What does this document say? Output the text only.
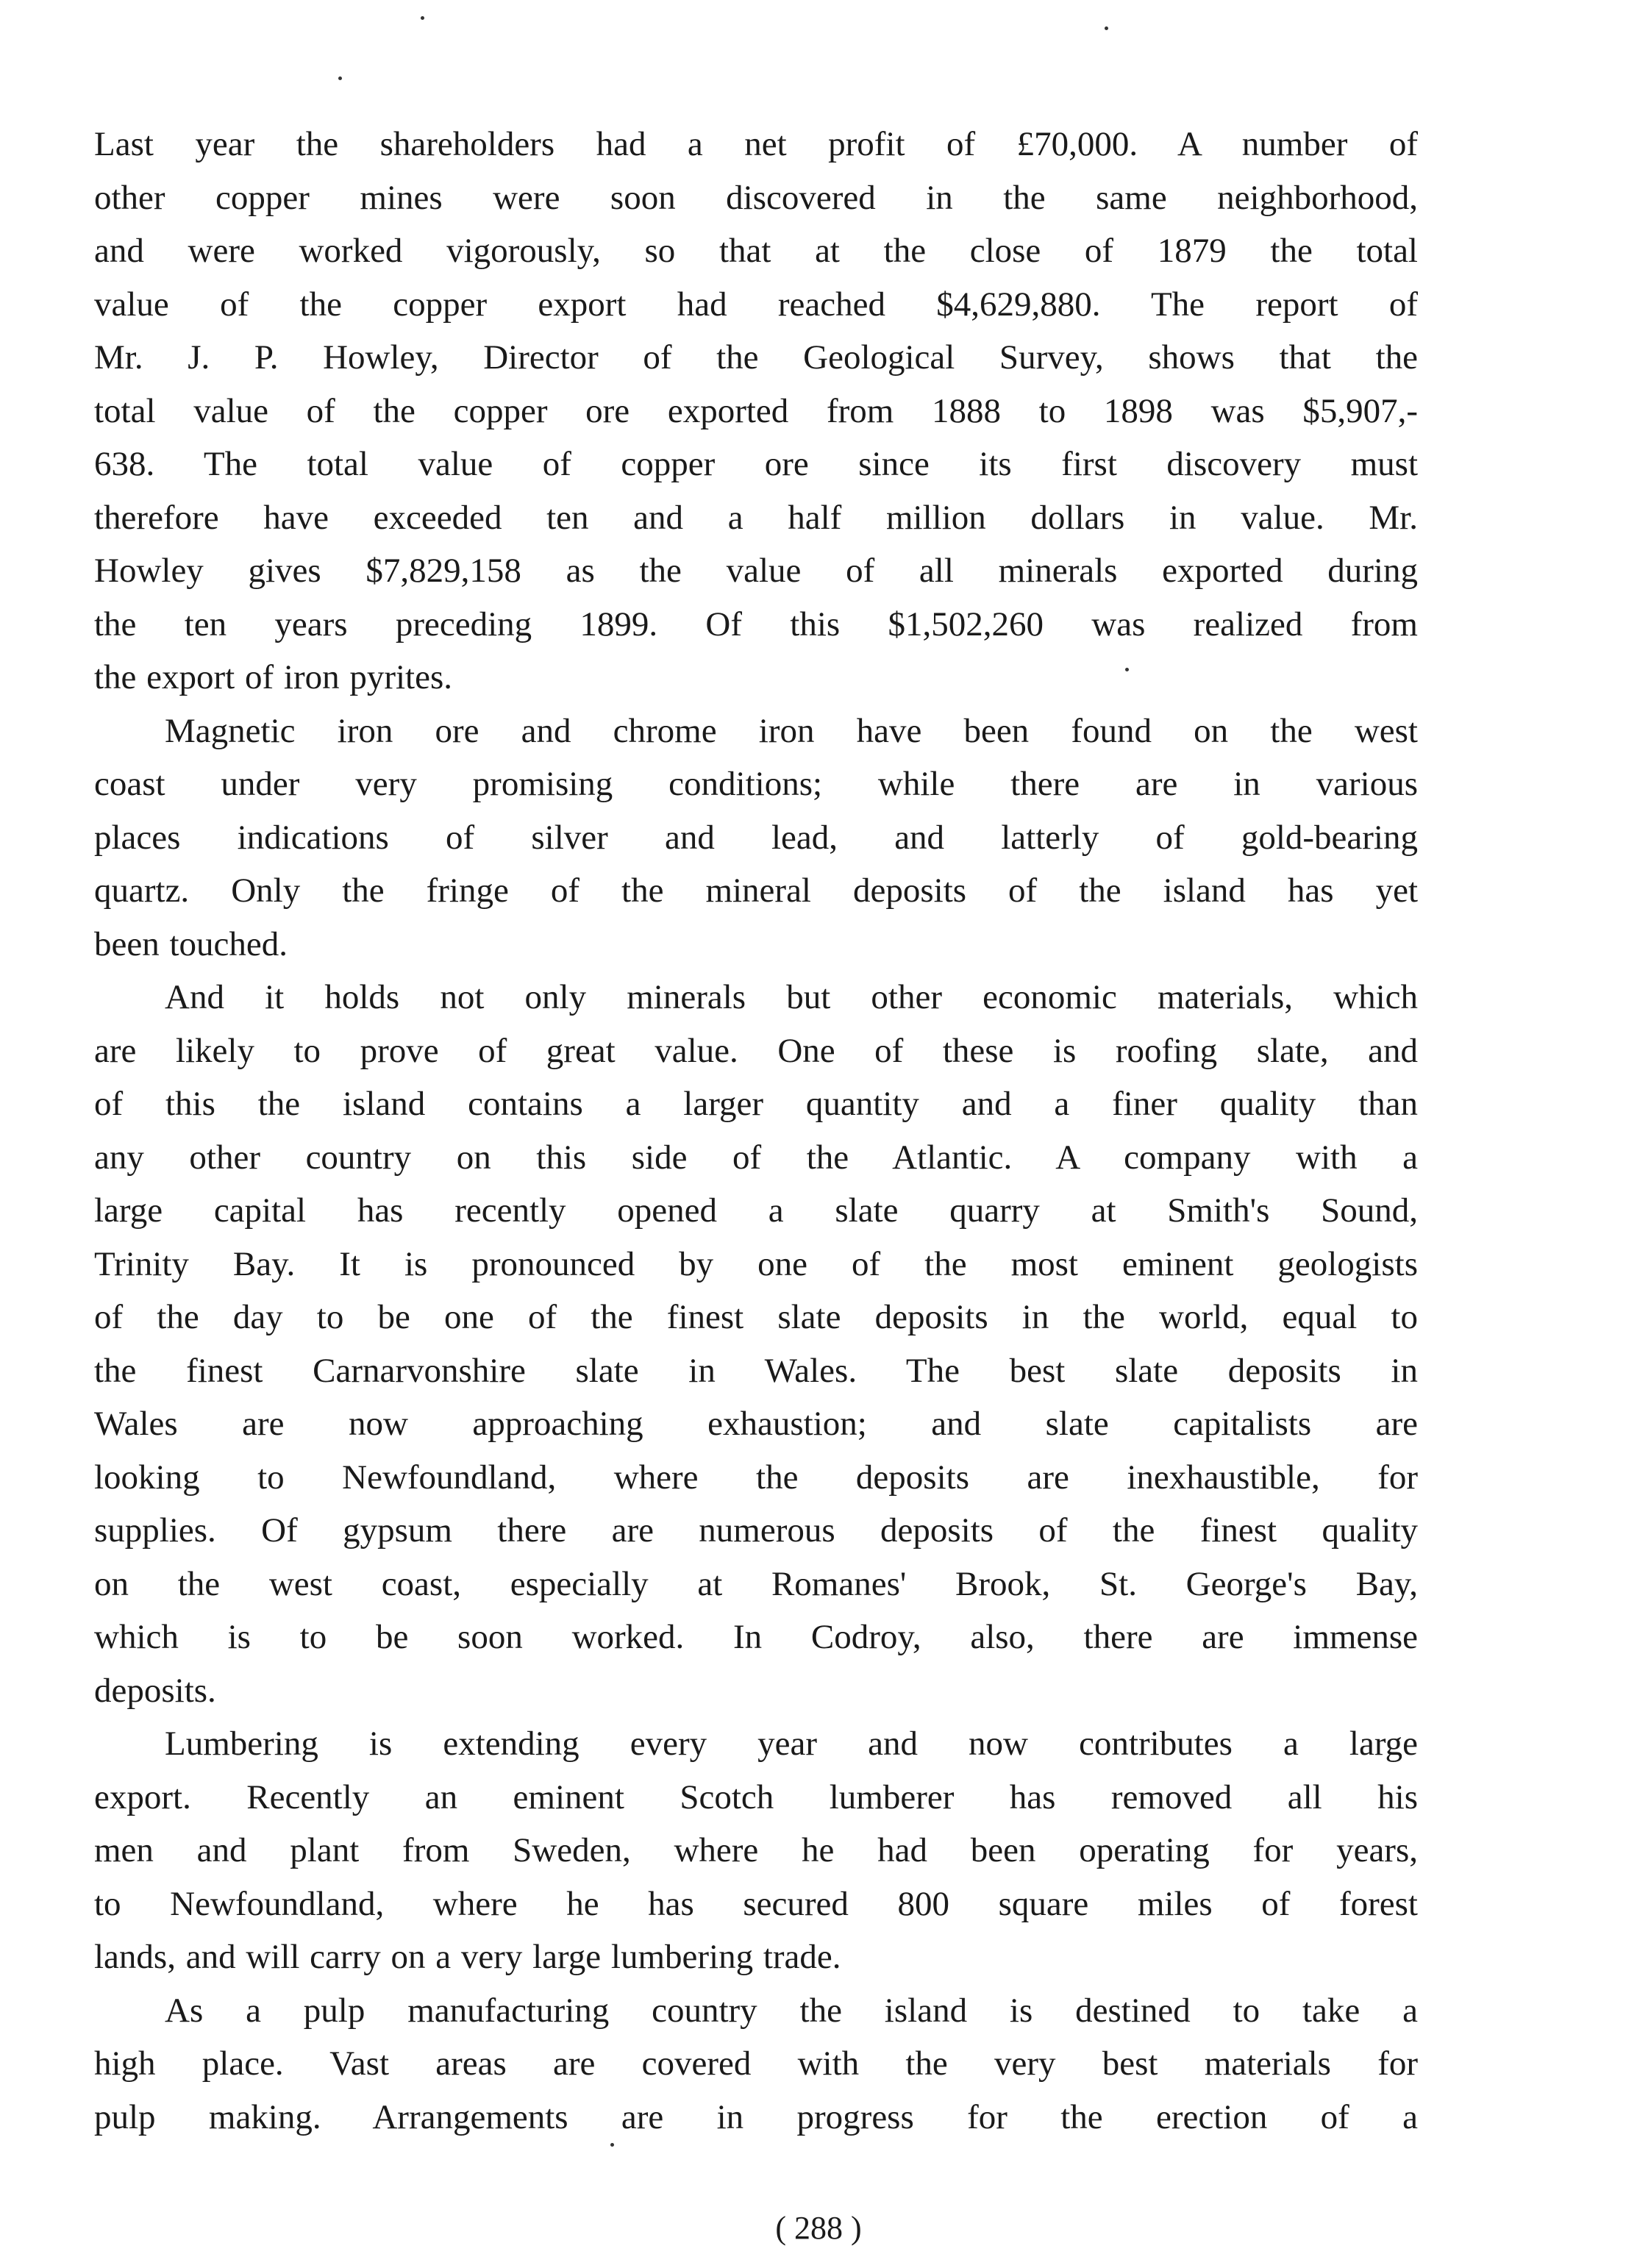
Last year the shareholders had a net profit of £70,000. A number of
other copper mines were soon discovered in the same neighborhood,
and were worked vigorously, so that at the close of 1879 the total
value of the copper export had reached $4,629,880. The report of
Mr. J. P. Howley, Director of the Geological Survey, shows that the
total value of the copper ore exported from 1888 to 1898 was $5,907,-
638. The total value of copper ore since its first discovery must
therefore have exceeded ten and a half million dollars in value. Mr.
Howley gives $7,829,158 as the value of all minerals exported during
the ten years preceding 1899. Of this $1,502,260 was realized from
the export of iron pyrites.
Magnetic iron ore and chrome iron have been found on the west
coast under very promising conditions; while there are in various
places indications of silver and lead, and latterly of gold-bearing
quartz. Only the fringe of the mineral deposits of the island has yet
been touched.
And it holds not only minerals but other economic materials, which
are likely to prove of great value. One of these is roofing slate, and
of this the island contains a larger quantity and a finer quality than
any other country on this side of the Atlantic. A company with a
large capital has recently opened a slate quarry at Smith's Sound,
Trinity Bay. It is pronounced by one of the most eminent geologists
of the day to be one of the finest slate deposits in the world, equal to
the finest Carnarvonshire slate in Wales. The best slate deposits in
Wales are now approaching exhaustion; and slate capitalists are
looking to Newfoundland, where the deposits are inexhaustible, for
supplies. Of gypsum there are numerous deposits of the finest quality
on the west coast, especially at Romanes' Brook, St. George's Bay,
which is to be soon worked. In Codroy, also, there are immense
deposits.
Lumbering is extending every year and now contributes a large
export. Recently an eminent Scotch lumberer has removed all his
men and plant from Sweden, where he had been operating for years,
to Newfoundland, where he has secured 800 square miles of forest
lands, and will carry on a very large lumbering trade.
As a pulp manufacturing country the island is destined to take a
high place. Vast areas are covered with the very best materials for
pulp making. Arrangements are in progress for the erection of a
( 288 )
